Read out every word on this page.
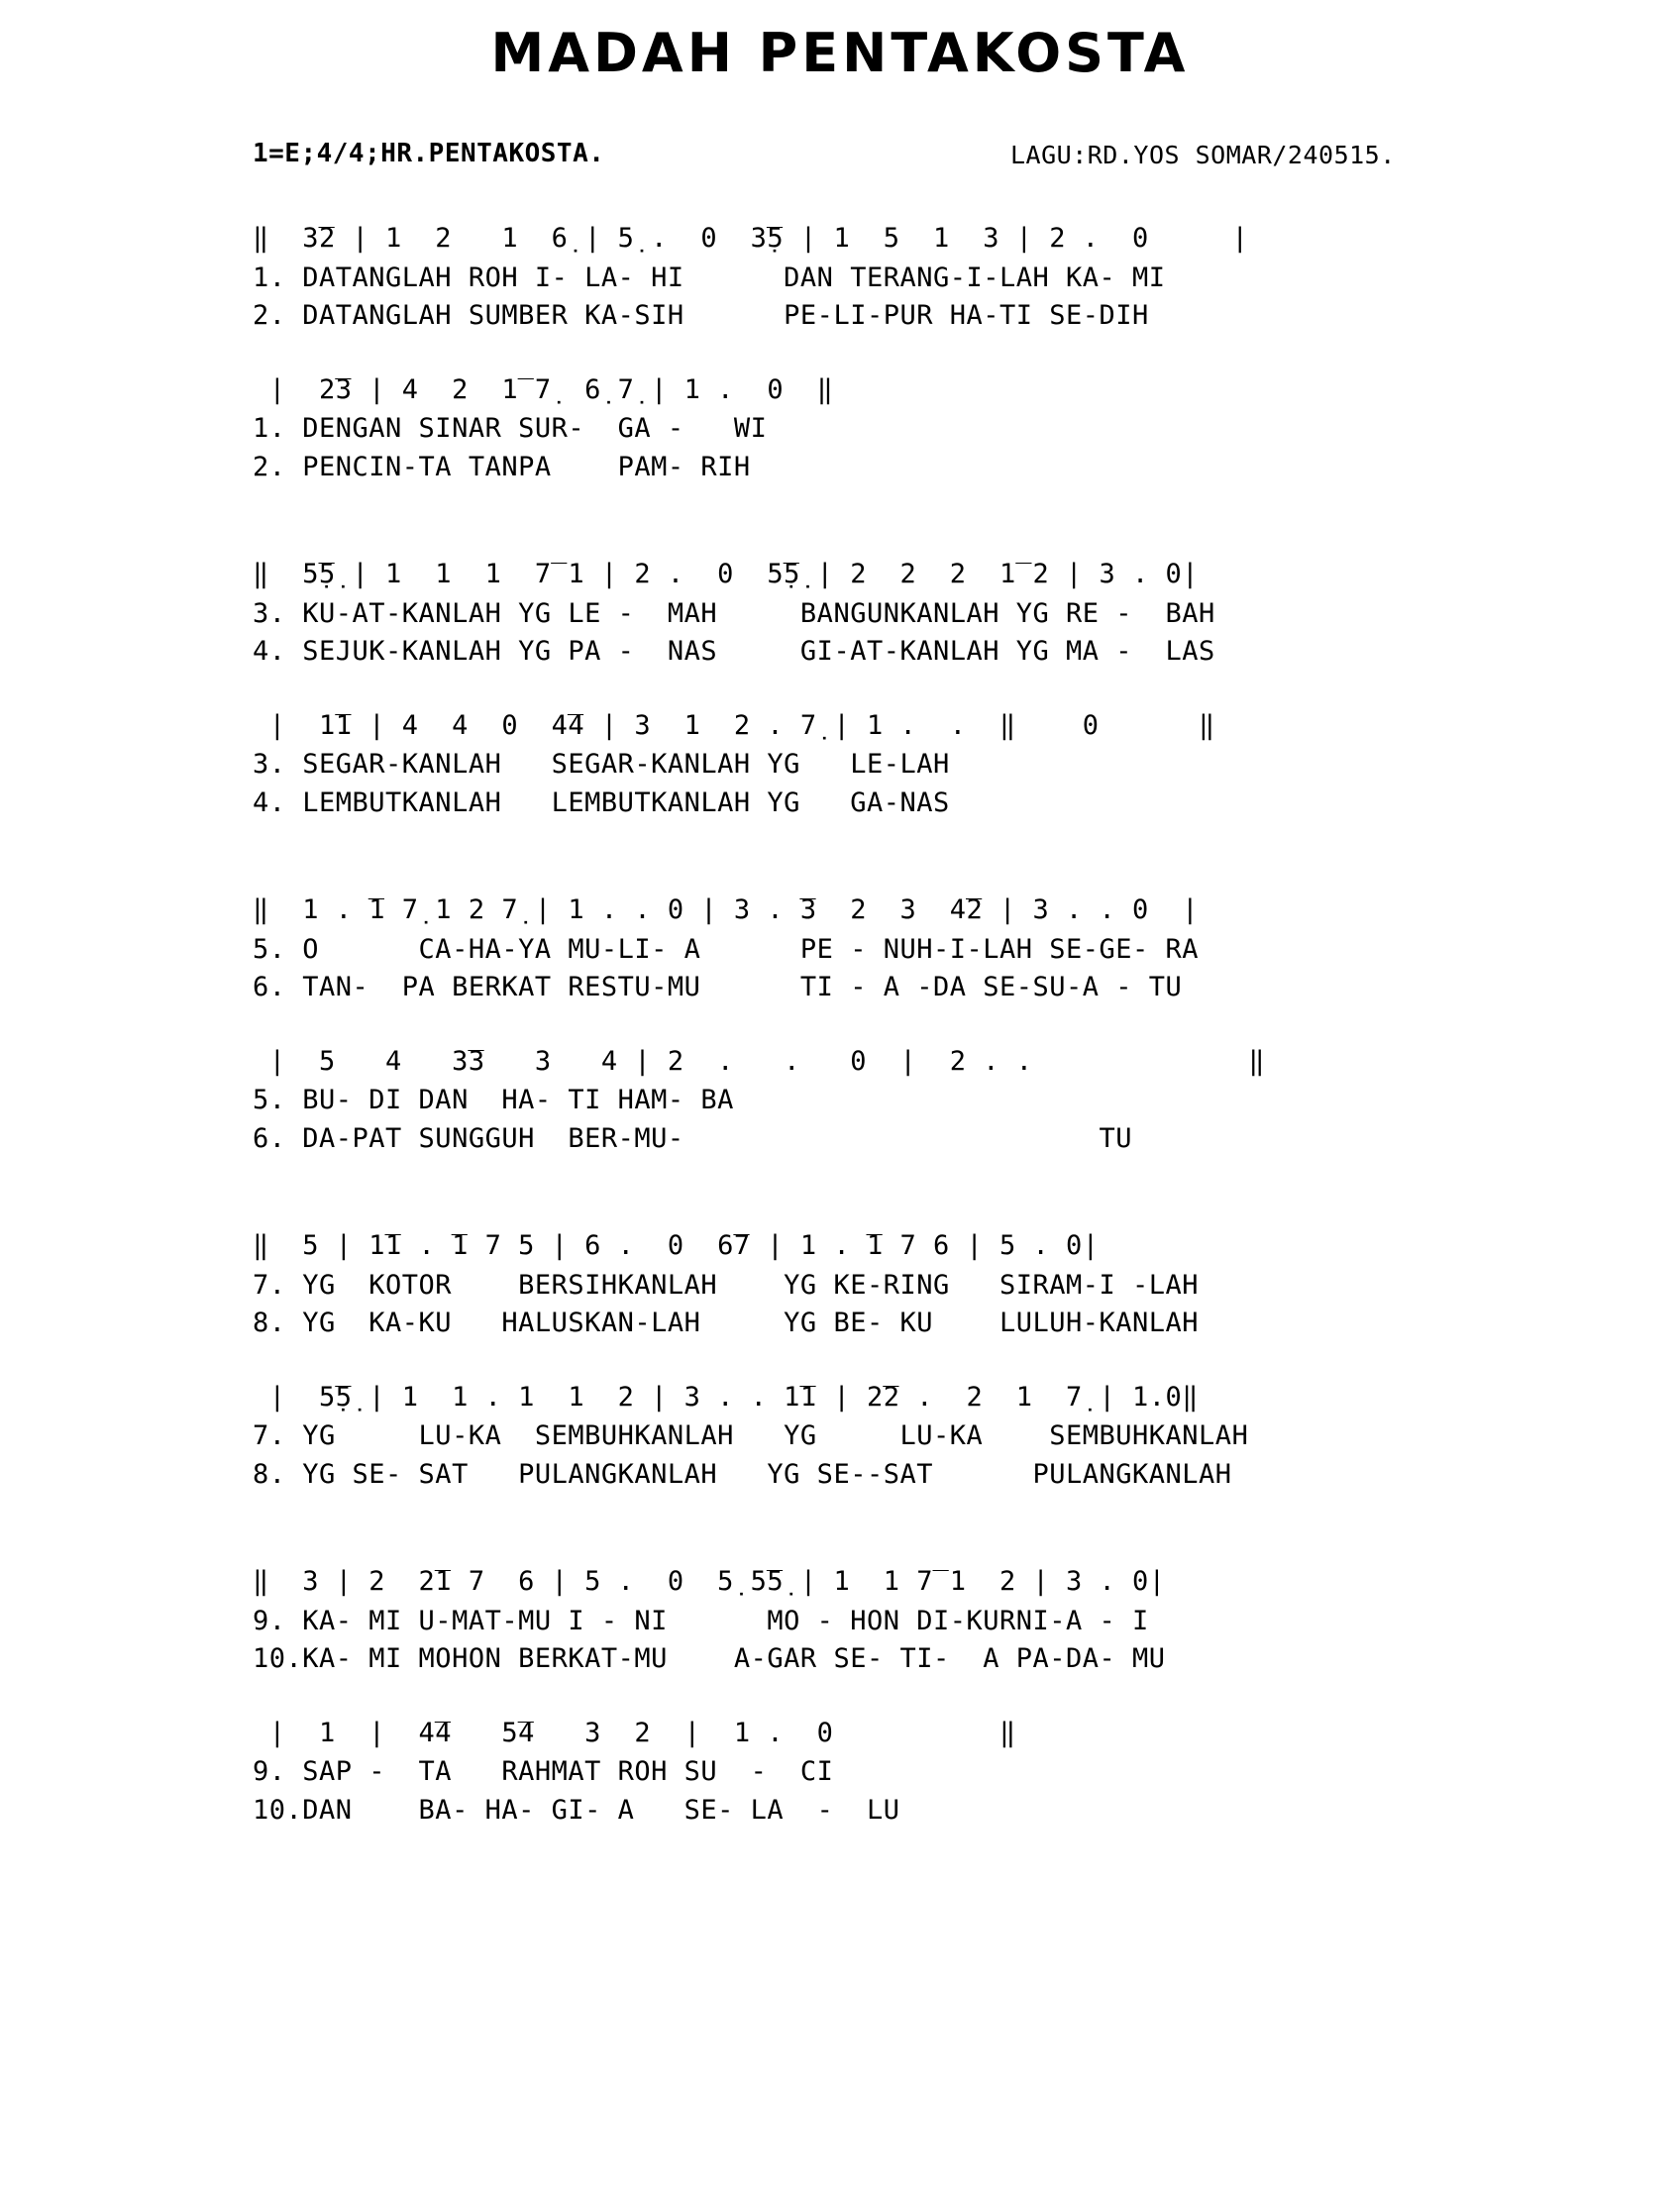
MADAH PENTAKOSTA
1=E;4/4;HR.PENTAKOSTA.	LAGU:RD.YOS SOMAR/240515.
‖  3̅2 | 1  2   1  6̣ | 5̣ .  0  3̣̅5 | 1  5  1  3 | 2 .  0     |
1. DATANGLAH ROH I- LA- HI      DAN TERANG-I-LAH KA- MI
2. DATANGLAH SUMBER KA-SIH      PE-LI-PUR HA-TI SE-DIH
|  2̅3 | 4  2  1̅ 7̣  6̣ 7̣ | 1 .  0  ‖
1. DENGAN SINAR SUR-  GA -   WI
2. PENCIN-TA TANPA    PAM- RIH
‖  5̣̅5̣ | 1  1  1  7̅ 1 | 2 .  0  5̣̅5̣ | 2  2  2  1̅ 2 | 3 . 0|
3. KU-AT-KANLAH YG LE -  MAH     BANGUNKANLAH YG RE -  BAH
4. SEJUK-KANLAH YG PA -  NAS     GI-AT-KANLAH YG MA -  LAS
|  1̅1 | 4  4  0  4̅4 | 3  1  2 . 7̣ | 1 .  .  ‖    0      ‖
3. SEGAR-KANLAH   SEGAR-KANLAH YG   LE-LAH
4. LEMBUTKANLAH   LEMBUTKANLAH YG   GA-NAS
‖  1 . ̅1 7̣ 1 2 7̣ | 1 . . 0 | 3 . ̅3  2  3  4̅2 | 3 . . 0  |
5. O      CA-HA-YA MU-LI- A      PE - NUH-I-LAH SE-GE- RA
6. TAN-  PA BERKAT RESTU-MU      TI - A -DA SE-SU-A - TU
|  5   4   3̅3   3   4 | 2  .   .   0  |  2 . .             ‖
5. BU- DI DAN  HA- TI HAM- BA
6. DA-PAT SUNGGUH  BER-MU-                         TU
‖  5 | 1̅1 . ̅1 7 5 | 6 .  0  6̅7 | 1 . ̅1 7 6 | 5 . 0|
7. YG  KOTOR    BERSIHKANLAH    YG KE-RING   SIRAM-I -LAH
8. YG  KA-KU   HALUSKAN-LAH     YG BE- KU    LULUH-KANLAH
|  5̣̅5̣ | 1  1 . 1  1  2 | 3 . . 1̅1 | 2̅2 .  2  1  7̣ | 1.0‖
7. YG     LU-KA  SEMBUHKANLAH   YG     LU-KA    SEMBUHKANLAH
8. YG SE- SAT   PULANGKANLAH   YG SE--SAT      PULANGKANLAH
‖  3 | 2  2̅1 7  6 | 5 .  0  5̣ 5̅5̣ | 1  1 7̅ 1  2 | 3 . 0|
9. KA- MI U-MAT-MU I - NI      MO - HON DI-KURNI-A - I
10.KA- MI MOHON BERKAT-MU    A-GAR SE- TI-  A PA-DA- MU
|  1  |  4̅4   5̅4   3  2  |  1 .  0          ‖
9. SAP -  TA   RAHMAT ROH SU  -  CI
10.DAN    BA- HA- GI- A   SE- LA  -  LU
